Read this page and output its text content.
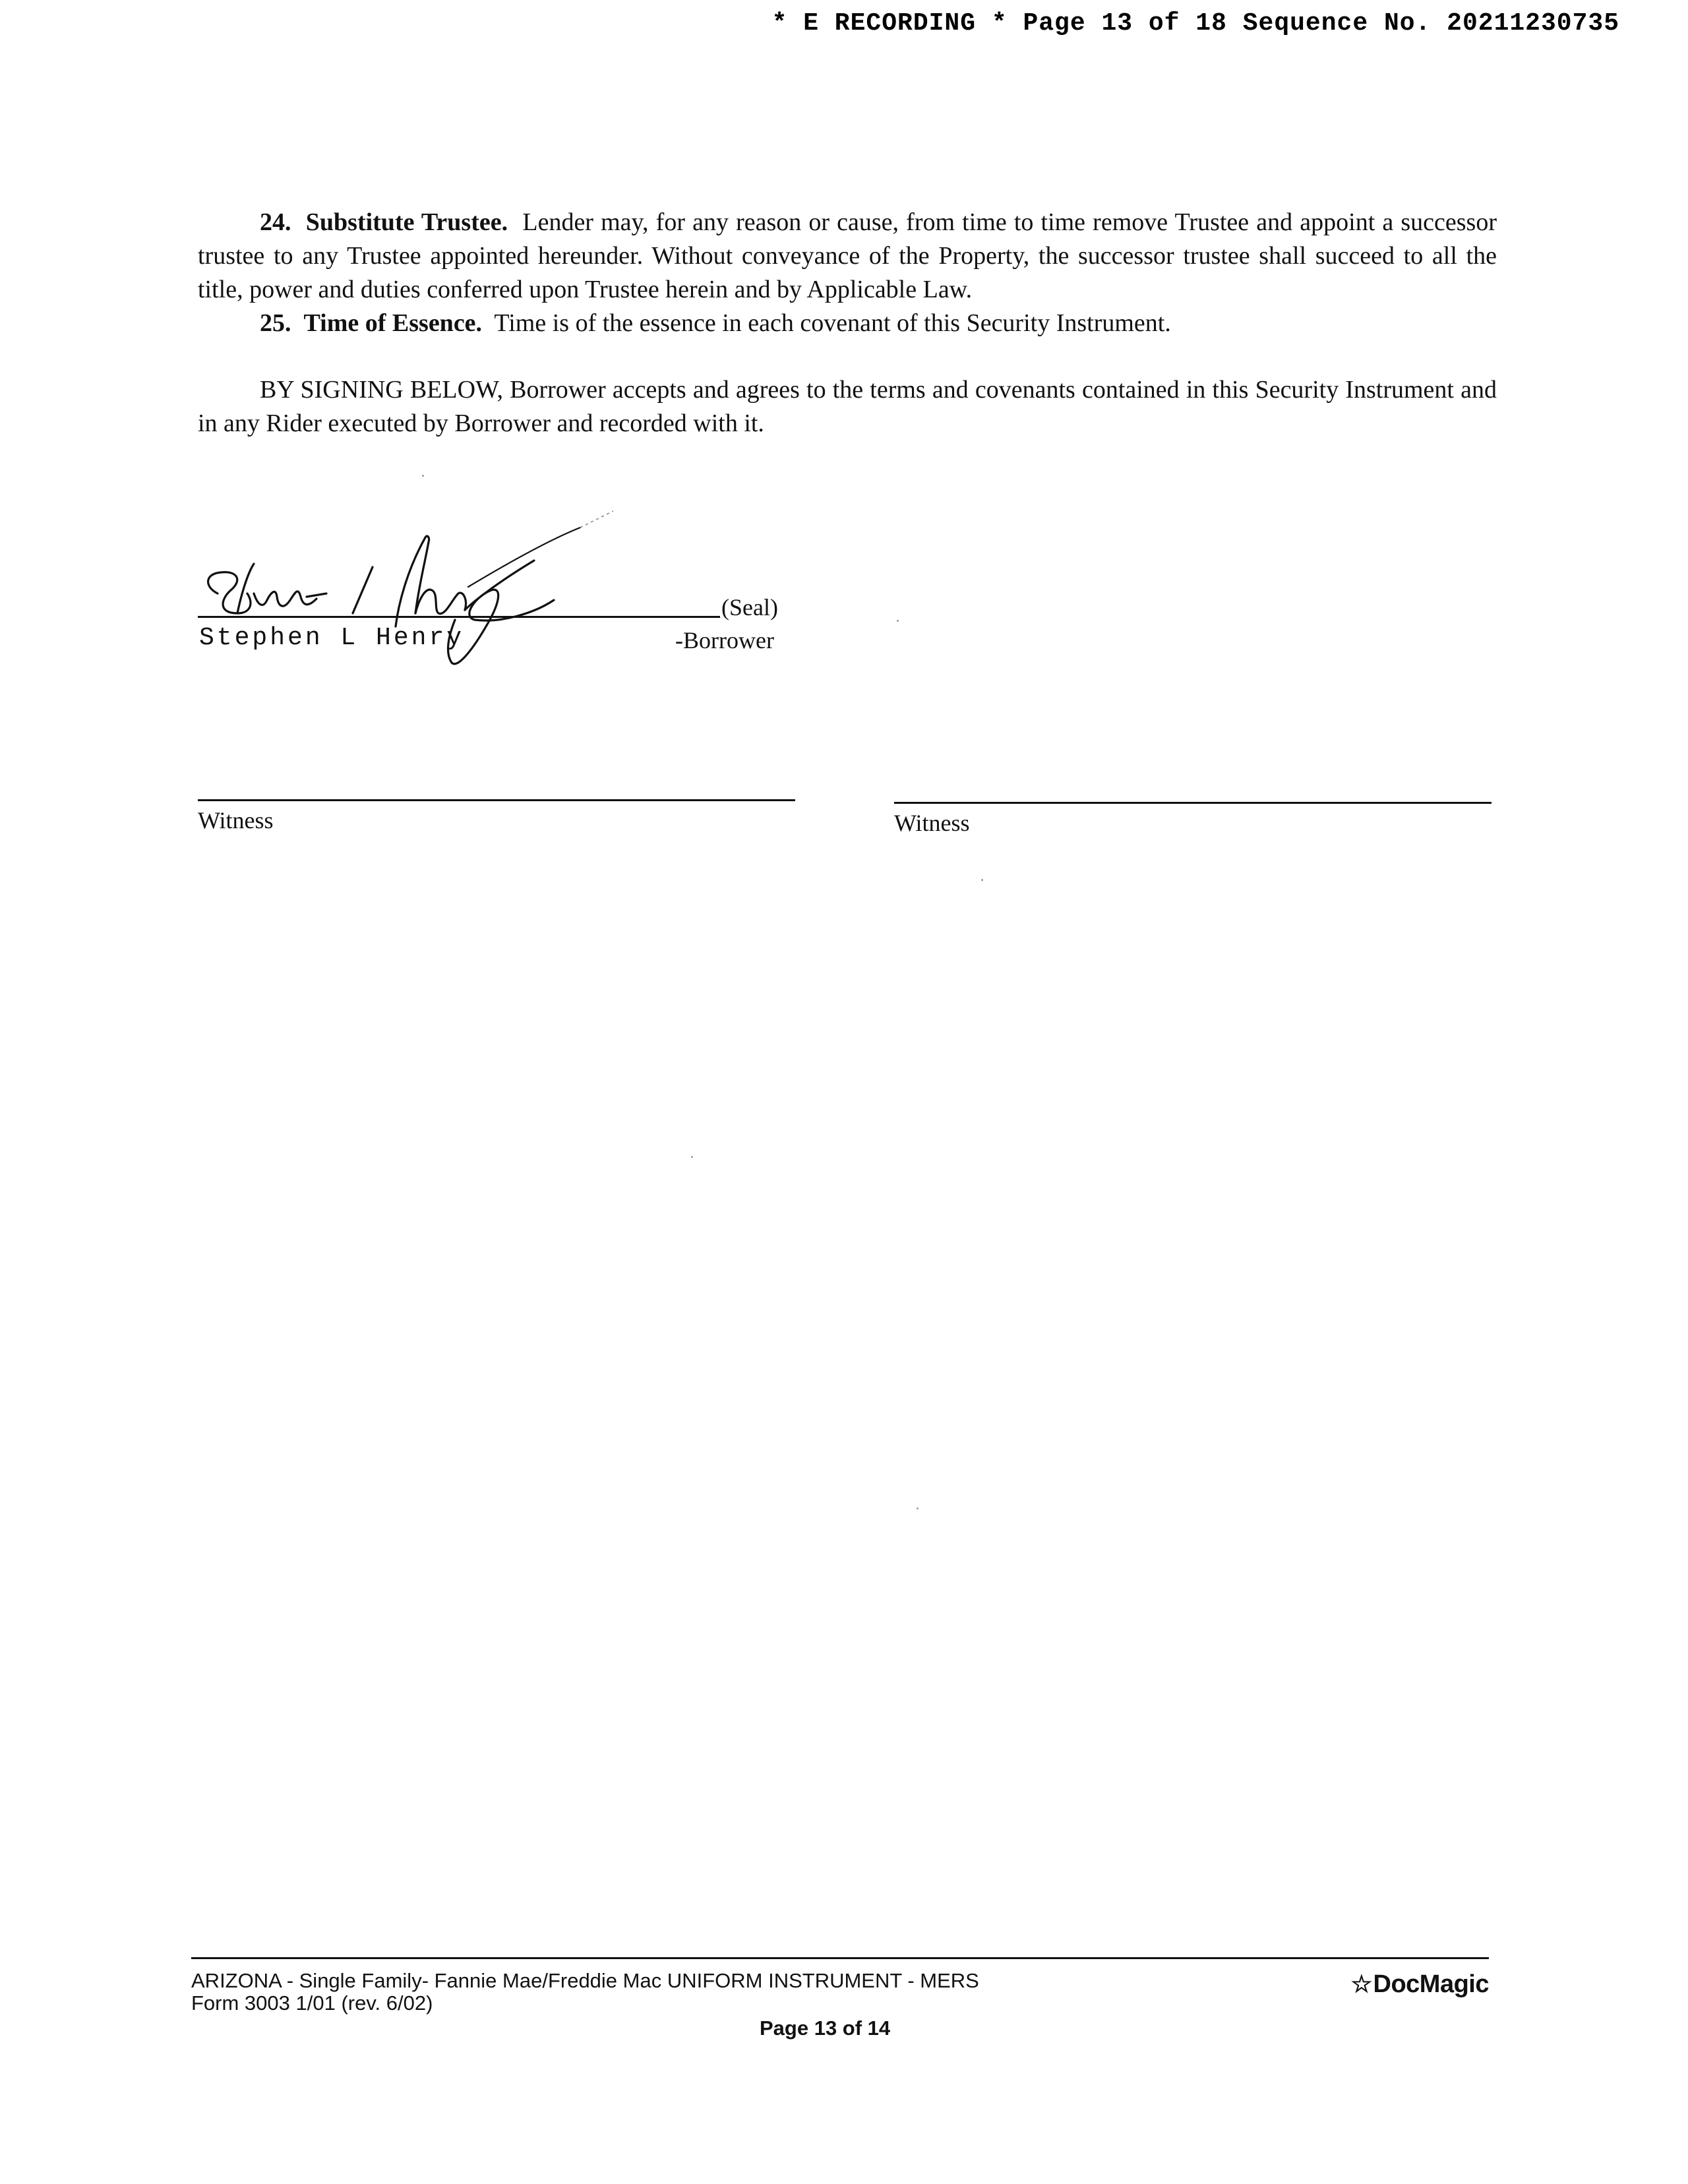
* E RECORDING * Page 13 of 18 Sequence No. 20211230735

24. Substitute Trustee. Lender may, for any reason or cause, from time to time remove Trustee and appoint a successor trustee to any Trustee appointed hereunder. Without conveyance of the Property, the successor trustee shall succeed to all the title, power and duties conferred upon Trustee herein and by Applicable Law.

25. Time of Essence. Time is of the essence in each covenant of this Security Instrument.

BY SIGNING BELOW, Borrower accepts and agrees to the terms and covenants contained in this Security Instrument and in any Rider executed by Borrower and recorded with it.

(Seal)
Stephen L Henry	-Borrower
Witness	Witness
ARIZONA - Single Family- Fannie Mae/Freddie Mac UNIFORM INSTRUMENT - MERS
Form 3003 1/01 (rev. 6/02)
Page 13 of 14
☆DocMagic
